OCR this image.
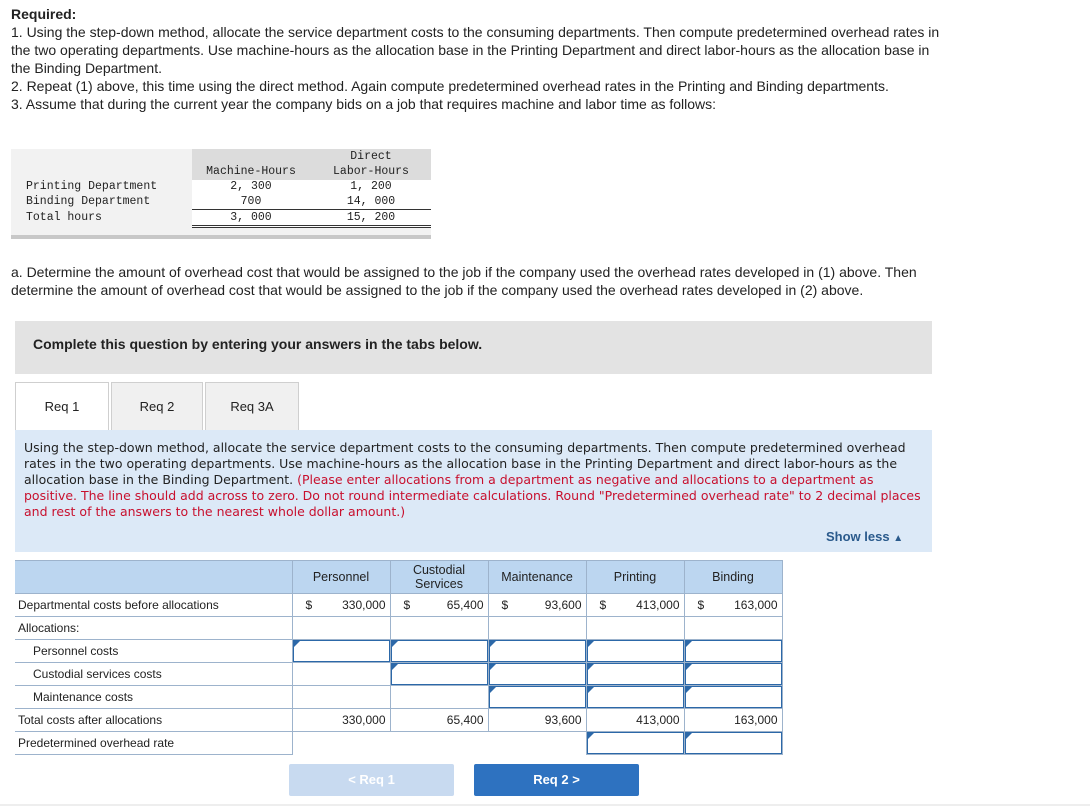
Required:

1. Using the step-down method, allocate the service department costs to the consuming departments. Then compute predetermined overhead rates in the two operating departments. Use machine-hours as the allocation base in the Printing Department and direct labor-hours as the allocation base in the Binding Department.

2. Repeat (1) above, this time using the direct method. Again compute predetermined overhead rates in the Printing and Binding departments.

3. Assume that during the current year the company bids on a job that requires machine and labor time as follows:

Machine-Hours
Direct
Labor-Hours
Printing Department	2, 300	1, 200
Binding Department	700	14, 000
Total hours	3, 000	15, 200
a. Determine the amount of overhead cost that would be assigned to the job if the company used the overhead rates developed in (1) above. Then determine the amount of overhead cost that would be assigned to the job if the company used the overhead rates developed in (2) above.
Complete this question by entering your answers in the tabs below.
Req 1	Req 2	Req 3A
Using the step-down method, allocate the service department costs to the consuming departments. Then compute predetermined overhead rates in the two operating departments. Use machine-hours as the allocation base in the Printing Department and direct labor-hours as the allocation base in the Binding Department. (Please enter allocations from a department as negative and allocations to a department as positive. The line should add across to zero. Do not round intermediate calculations. Round "Predetermined overhead rate" to 2 decimal places and rest of the answers to the nearest whole dollar amount.)
Show less ▲
	Personnel	Custodial Services	Maintenance	Printing	Binding
Departmental costs before allocations	$ 330,000	$ 65,400	$ 93,600	$ 413,000	$ 163,000

Allocations:					
Personnel costs	

Custodial services costs		

Maintenance costs			

Total costs after allocations	330,000	65,400	93,600	413,000	163,000

Predetermined overhead rate				

< Req 1	Req 2 >
